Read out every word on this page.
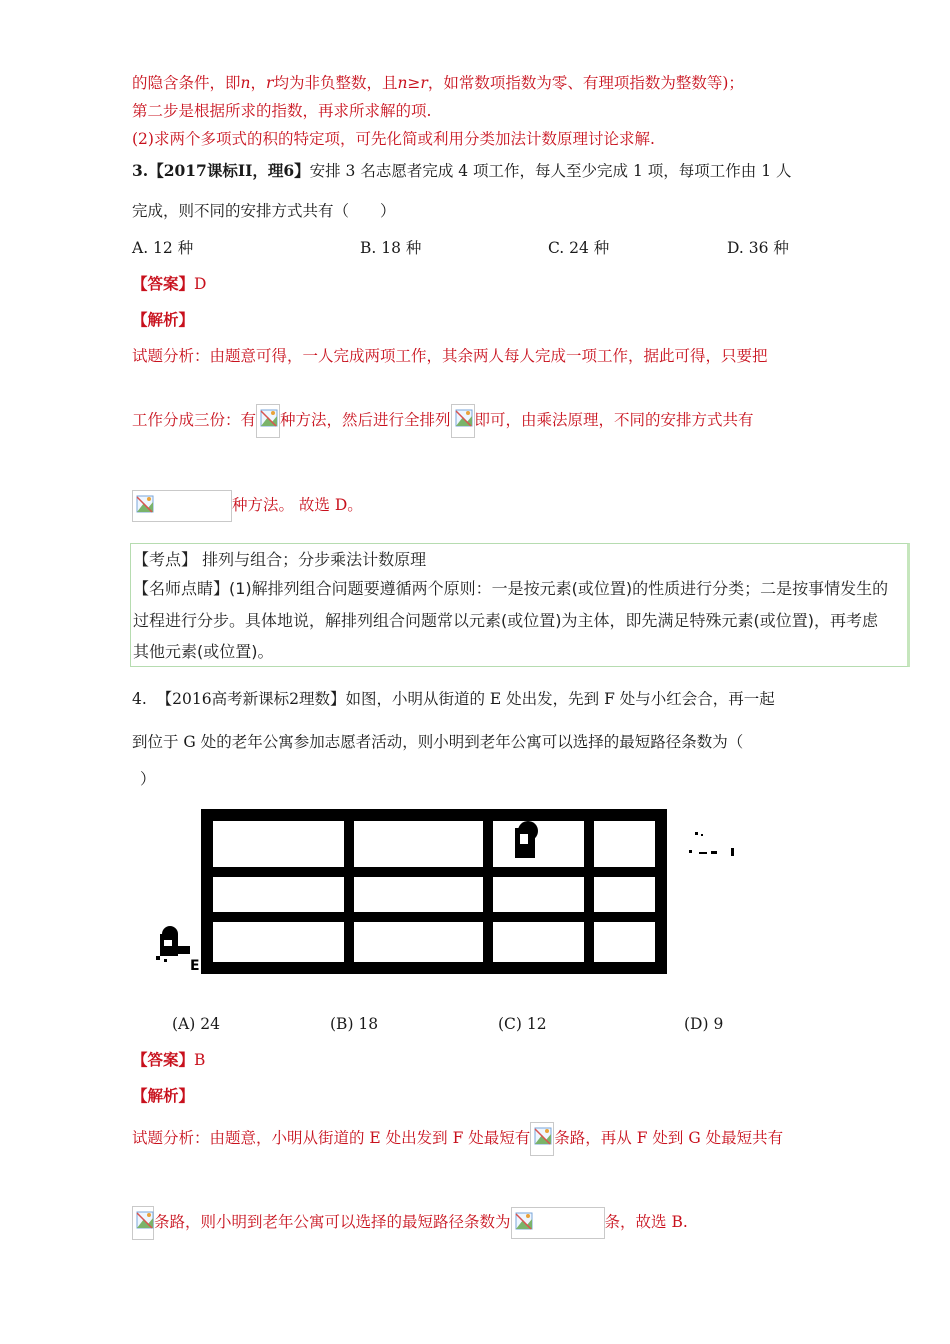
的隐含条件，即n，r均为非负整数，且n≥r，如常数项指数为零、有理项指数为整数等)；
第二步是根据所求的指数，再求所求解的项.
(2)求两个多项式的积的特定项，可先化简或利用分类加法计数原理讨论求解.
3.【2017课标II，理6】安排 3 名志愿者完成 4 项工作，每人至少完成 1 项，每项工作由 1 人
完成，则不同的安排方式共有（　　）
A. 12 种	B. 18 种	C. 24 种	D. 36 种
【答案】D
【解析】
试题分析：由题意可得，一人完成两项工作，其余两人每人完成一项工作，据此可得，只要把
工作分成三份：有 种方法，然后进行全排列 即可，由乘法原理，不同的安排方式共有
种方法。 故选 D。
【考点】 排列与组合；分步乘法计数原理
【名师点睛】(1)解排列组合问题要遵循两个原则：一是按元素(或位置)的性质进行分类；二是按事情发生的
过程进行分步。具体地说，解排列组合问题常以元素(或位置)为主体，即先满足特殊元素(或位置)，再考虑
其他元素(或位置)。
4. 【2016高考新课标2理数】如图，小明从街道的 E 处出发，先到 F 处与小红会合，再一起
到位于 G 处的老年公寓参加志愿者活动，则小明到老年公寓可以选择的最短路径条数为（
）
E
(A) 24	(B) 18	(C) 12	(D) 9
【答案】B
【解析】
试题分析：由题意，小明从街道的 E 处出发到 F 处最短有 条路，再从 F 处到 G 处最短共有
条路，则小明到老年公寓可以选择的最短路径条数为	条，故选 B.
